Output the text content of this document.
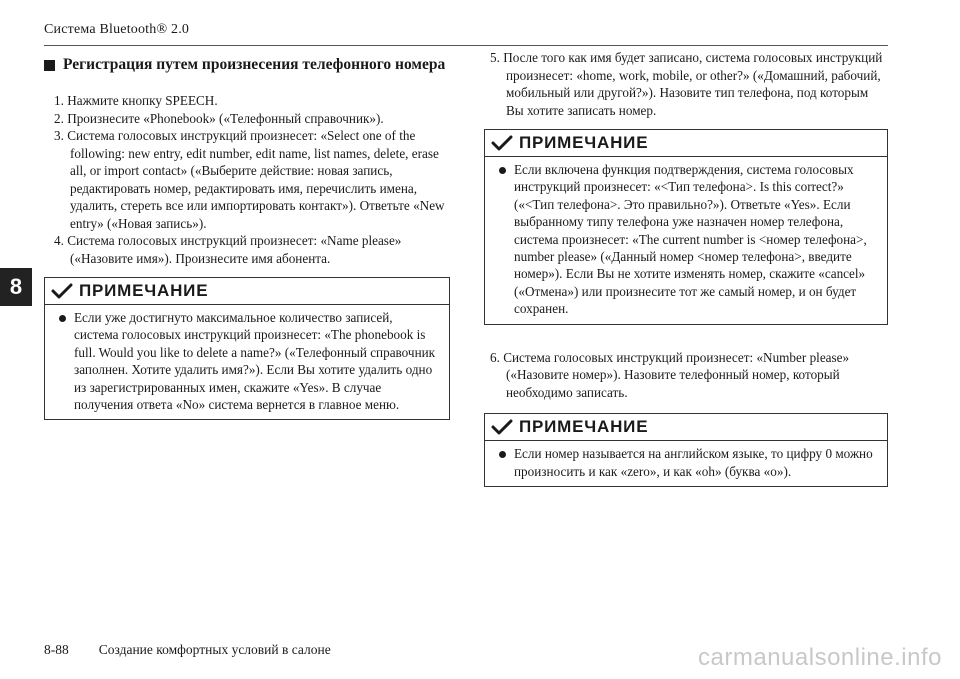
Система Bluetooth® 2.0
8
Регистрация путем произнесения телефонного номера
1. Нажмите кнопку SPEECH.
2. Произнесите «Phonebook» («Телефонный справочник»).
3. Система голосовых инструкций произнесет: «Select one of the following: new entry, edit number, edit name, list names, delete, erase all, or import contact» («Выберите действие: новая запись, редактировать номер, редактировать имя, перечислить имена, удалить, стереть все или импортировать контакт»). Ответьте «New entry» («Новая запись»).
4. Система голосовых инструкций произнесет: «Name please» («Назовите имя»). Произнесите имя абонента.
ПРИМЕЧАНИЕ
Если уже достигнуто максимальное количество записей, система голосовых инструкций произнесет: «The phonebook is full. Would you like to delete a name?» («Телефонный справочник заполнен. Хотите удалить имя?»). Если Вы хотите удалить одно из зарегистрированных имен, скажите «Yes». В случае получения ответа «No» система вернется в главное меню.
5. После того как имя будет записано, система голосовых инструкций произнесет: «home, work, mobile, or other?» («Домашний, рабочий, мобильный или другой?»). Назовите тип телефона, под которым Вы хотите записать номер.
ПРИМЕЧАНИЕ
Если включена функция подтверждения, система голосовых инструкций произнесет: «<Тип телефона>. Is this correct?» («<Тип телефона>. Это правильно?»). Ответьте «Yes». Если выбранному типу телефона уже назначен номер телефона, система произнесет: «The current number is <номер телефона>, number please» («Данный номер <номер телефона>, введите номер»). Если Вы не хотите изменять номер, скажите «cancel» («Отмена») или произнесите тот же самый номер, и он будет сохранен.
6. Система голосовых инструкций произнесет: «Number please» («Назовите номер»). Назовите телефонный номер, который необходимо записать.
ПРИМЕЧАНИЕ
Если номер называется на английском языке, то цифру 0 можно произносить и как «zero», и как «oh» (буква «o»).
8-88 Создание комфортных условий в салоне	carmanualsonline.info
